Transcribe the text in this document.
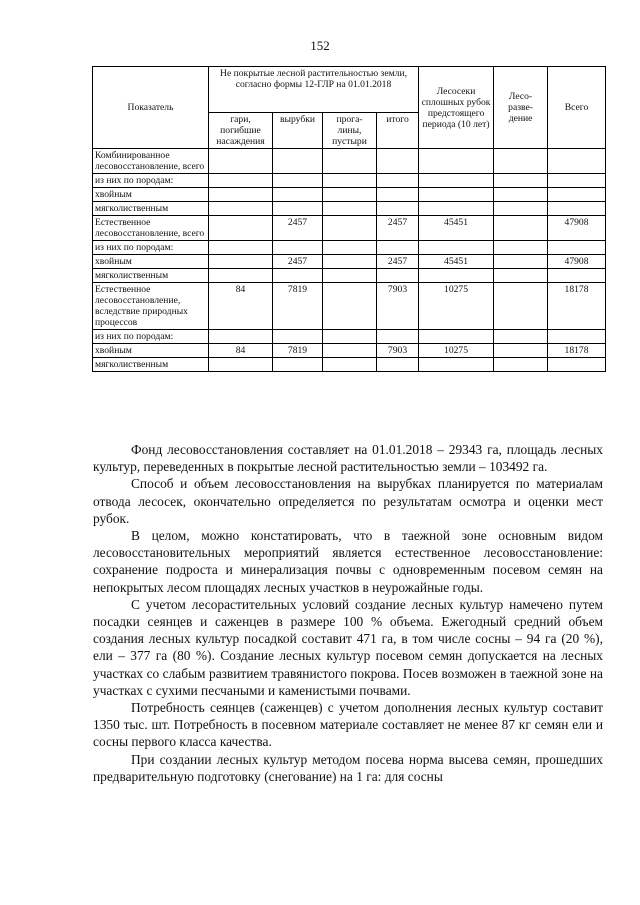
152
Показатель	Не покрытые лесной растительностью земли, согласно формы 12-ГЛР на 01.01.2018				Лесосеки сплошных рубок предстоящего периода (10 лет)	Лесо-разве-дение	Всего
	гари, погибшие насаждения	вырубки	прога-лины, пустыри	итого			
Комбинированное лесовосстановление, всего							
из них по породам:							
хвойным							
мягколиственным							
Естественное лесовосстановление, всего		2457		2457	45451		47908
из них по породам:							
хвойным		2457		2457	45451		47908
мягколиственным							
Естественное лесовосстановление, вследствие природных процессов	84	7819		7903	10275		18178
из них по породам:							
хвойным	84	7819		7903	10275		18178
мягколиственным							

Фонд лесовосстановления составляет на 01.01.2018 – 29343 га, площадь лесных культур, переведенных в покрытые лесной растительностью земли – 103492 га.

Способ и объем лесовосстановления на вырубках планируется по материалам отвода лесосек, окончательно определяется по результатам осмотра и оценки мест рубок.

В целом, можно констатировать, что в таежной зоне основным видом лесовосстановительных мероприятий является естественное лесовосстановление: сохранение подроста и минерализация почвы с одновременным посевом семян на непокрытых лесом площадях лесных участков в неурожайные годы.

С учетом лесорастительных условий создание лесных культур намечено путем посадки сеянцев и саженцев в размере 100 % объема. Ежегодный средний объем создания лесных культур посадкой составит 471 га, в том числе сосны – 94 га (20 %), ели – 377 га (80 %). Создание лесных культур посевом семян допускается на лесных участках со слабым развитием травянистого покрова. Посев возможен в таежной зоне на участках с сухими песчаными и каменистыми почвами.

Потребность сеянцев (саженцев) с учетом дополнения лесных культур составит 1350 тыс. шт. Потребность в посевном материале составляет не менее 87 кг семян ели и сосны первого класса качества.

При создании лесных культур методом посева норма высева семян, прошедших предварительную подготовку (снегование) на 1 га: для сосны
